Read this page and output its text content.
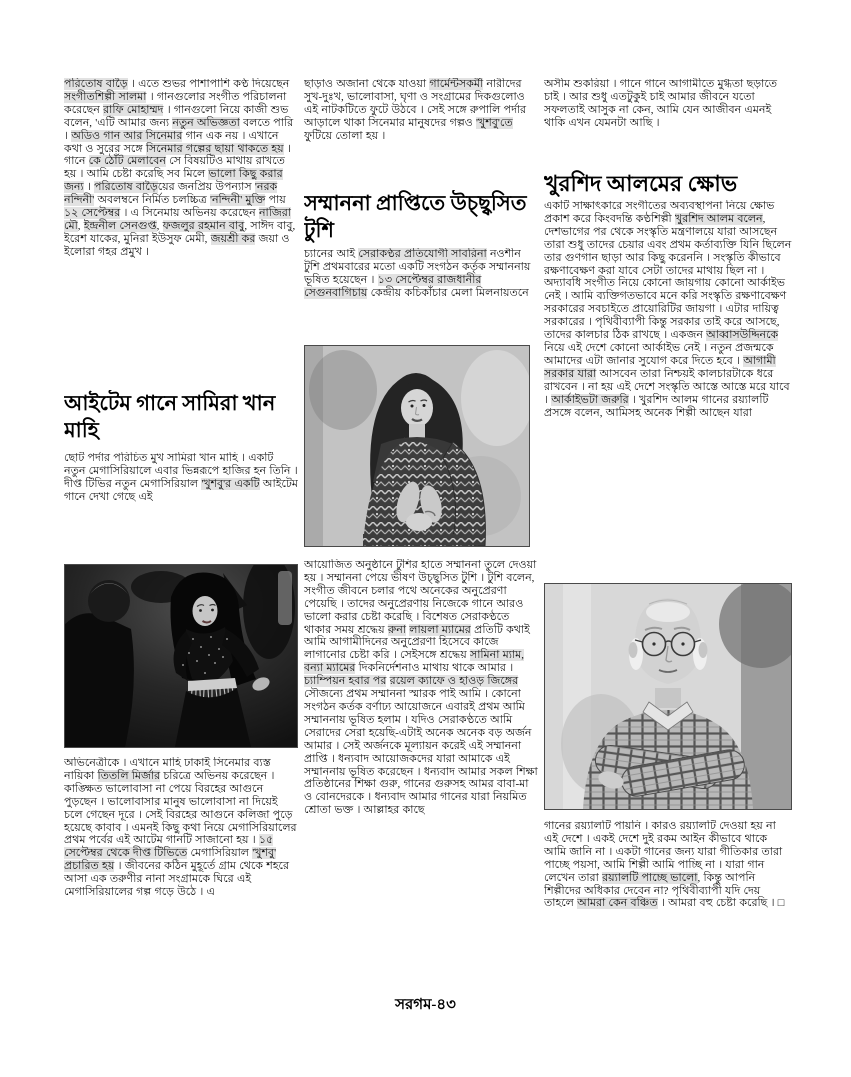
পরিতোষ বাড়ৈ । এতে শুভর পাশাপাশি কণ্ঠ দিয়েছেন সংগীতশিল্পী সালমা । গানগুলোর সংগীত পরিচালনা করেছেন রাফি মোহাম্মদ । গানগুলো নিয়ে কাজী শুভ বলেন, 'এটি আমার জন্য নতুন অভিজ্ঞতা বলতে পারি । অডিও গান আর সিনেমার গান এক নয় । এখানে কথা ও সুরের সঙ্গে সিনেমার গল্পের ছায়া থাকতে হয় । গানে কে ঠোঁট মেলাবেন সে বিষয়টিও মাথায় রাখতে হয় । আমি চেষ্টা করেছি সব মিলে ভালো কিছু করার জন্য । পরিতোষ বাড়ৈয়ের জনপ্রিয় উপন্যাস 'নরক নন্দিনী' অবলম্বনে নির্মিত চলচ্চিত্র 'নন্দিনী' মুক্তি পায় ১২ সেপ্টেম্বর । এ সিনেমায় অভিনয় করেছেন নাজিরা মৌ, ইন্দ্রনীল সেনগুপ্ত, ফজলুর রহমান বাবু, সাঈদ বাবু, ইরেশ যাকের, মুনিরা ইউসুফ মেমী, জয়শ্রী কর জয়া ও ইলোরা গহর প্রমুখ ।
আইটেম গানে সামিরা খান মাহি
ছোট পর্দার পরিচিত মুখ সামিরা খান মাহি । একটি নতুন মেগাসিরিয়ালে এবার ভিন্নরূপে হাজির হন তিনি । দীপ্ত টিভির নতুন মেগাসিরিয়াল 'খুশবু'র একটি আইটেম গানে দেখা গেছে এই
অভিনেত্রীকে । এখানে মাহি ঢাকাই সিনেমার ব্যস্ত নায়িকা তিতলি মির্জার চরিত্রে অভিনয় করেছেন । কাঙ্ক্ষিত ভালোবাসা না পেয়ে বিরহের আগুনে পুড়ছেন । ভালোবাসার মানুষ ভালোবাসা না দিয়েই চলে গেছেন দূরে । সেই বিরহের আগুনে কলিজা পুড়ে হয়েছে কাবাব । এমনই কিছু কথা নিয়ে মেগাসিরিয়ালের প্রথম পর্বের এই আটেম গানটি সাজানো হয় । ১৫ সেপ্টেম্বর থেকে দীপ্ত টিভিতে মেগাসিরিয়াল 'খুশবু' প্রচারিত হয় । জীবনের কঠিন মুহূর্তে গ্রাম থেকে শহরে আসা এক তরুণীর নানা সংগ্রামকে ঘিরে এই মেগাসিরিয়ালের গল্প গড়ে উঠে । এ
ছাড়াও অজানা থেকে যাওয়া গার্মেন্টসকর্মী নারীদের সুখ-দুঃখ, ভালোবাসা, ঘৃণা ও সংগ্রামের দিকগুলোও এই নাটকটিতে ফুটে উঠবে । সেই সঙ্গে রুপালি পর্দার আড়ালে থাকা সিনেমার মানুষদের গল্পও 'খুশবু'তে ফুটিয়ে তোলা হয় ।
সম্মাননা প্রাপ্তিতে উচ্ছ্বসিত টুশি
চ্যানের আই সেরাকণ্ঠর প্রতিযোগী সাবরিনা নওশীন টুশি প্রথমবারের মতো একটি সংগঠন কর্তৃক সম্মাননায় ভূষিত হয়েছেন । ১৩ সেপ্টেম্বর রাজধানীর সেগুনবাগিচায় কেন্দ্রীয় কচিকাঁচার মেলা মিলনায়তনে
আয়োজিত অনুষ্ঠানে টুশির হাতে সম্মাননা তুলে দেওয়া হয় । সম্মাননা পেয়ে ভীষণ উচ্ছ্বসিত টুশি । টুশি বলেন, সংগীত জীবনে চলার পথে অনেকের অনুপ্রেরণা পেয়েছি । তাদের অনুপ্রেরণায় নিজেকে গানে আরও ভালো করার চেষ্টা করেছি । বিশেষত সেরাকণ্ঠতে থাকার সময় শ্রদ্ধেয় রুনা লায়লা ম্যামের প্রতিটি কথাই আমি আগামীদিনের অনুপ্রেরণা হিসেবে কাজে লাগানোর চেষ্টা করি । সেইসঙ্গে শ্রদ্ধেয় সামিনা ম্যাম, বন্যা ম্যামের দিকনির্দেশনাও মাথায় থাকে আমার । চ্যাম্পিয়ন হবার পর রয়েল ক্যাফে ও হাওড় জিঙ্গের সৌজন্যে প্রথম সম্মাননা স্মারক পাই আমি । কোনো সংগঠন কর্তক বর্ণাঢ্য আয়োজনে এবারই প্রথম আমি সম্মাননায় ভূষিত হলাম । যদিও সেরাকণ্ঠতে আমি সেরাদের সেরা হয়েছি-এটাই অনেক অনেক বড় অর্জন আমার । সেই অর্জনকে মূল্যায়ন করেই এই সম্মাননা প্রাপ্তি । ধন্যবাদ আয়োজকদের যারা আমাকে এই সম্মাননায় ভূষিত করেছেন । ধন্যবাদ আমার সকল শিক্ষা প্রতিষ্ঠানের শিক্ষা গুরু, গানের গুরুসহ আমর বাবা-মা ও বোনদেরকে । ধন্যবাদ আমার গানের যারা নিয়মিত শ্রোতা ভক্ত । আল্লাহর কাছে
অসীম শুকরিয়া । গানে গানে আগামীতে মুগ্ধতা ছড়াতে চাই । আর শুধু এতটুকুই চাই আমার জীবনে যতো সফলতাই আসুক না কেন, আমি যেন আজীবন এমনই থাকি এখন যেমনটা আছি ।
খুরশিদ আলমের ক্ষোভ
একটি সাক্ষাৎকারে সংগীতের অব্যবস্থাপনা নিয়ে ক্ষোভ প্রকাশ করে কিংবদন্তি কণ্ঠশিল্পী খুরশিদ আলম বলেন, দেশভাগের পর থেকে সংস্কৃতি মন্ত্রণালয়ে যারা আসছেন তারা শুধু তাদের চেয়ার এবং প্রথম কর্তাব্যক্তি যিনি ছিলেন তার গুণগান ছাড়া আর কিছু করেননি । সংস্কৃতি কীভাবে রক্ষণাবেক্ষণ করা যাবে সেটা তাদের মাথায় ছিল না । অদ্যাবধি সংগীত নিয়ে কোনো জায়গায় কোনো আর্কাইভ নেই । আমি ব্যক্তিগতভাবে মনে করি সংস্কৃতি রক্ষণাবেক্ষণ সরকারের সবচাইতে প্রায়োরিটির জায়গা । এটার দায়িত্ব সরকারের । পৃথিবীব্যাপী কিন্তু সরকার তাই করে আসছে, তাদের কালচার ঠিক রাখছে । একজন আব্বাসউদ্দিনকে নিয়ে এই দেশে কোনো আর্কাইভ নেই । নতুন প্রজন্মকে আমাদের এটা জানার সুযোগ করে দিতে হবে । আগামী সরকার যারা আসবেন তারা নিশ্চয়ই কালচারটাকে ধরে রাখবেন । না হয় এই দেশে সংস্কৃতি আস্তে আস্তে মরে যাবে । আর্কাইভটা জরুরি । খুরশিদ আলম গানের রয়্যালটি প্রসঙ্গে বলেন, আমিসহ অনেক শিল্পী আছেন যারা
গানের রয়্যালটি পায়নি । কারও রয়্যালটি দেওয়া হয় না এই দেশে । একই দেশে দুই রকম আইন কীভাবে থাকে আমি জানি না । একটা গানের জন্য যারা গীতিকার তারা পাচ্ছে পয়সা, আমি শিল্পী আমি পাচ্ছি না । যারা গান লেখেন তারা রয়্যালটি পাচ্ছে ভালো, কিন্তু আপনি শিল্পীদের অধিকার দেবেন না? পৃথিবীব্যাপী যদি দেয় তাহলে আমরা কেন বঞ্চিত । আমরা বহু চেষ্টা করেছি । □
সরগম-৪৩
